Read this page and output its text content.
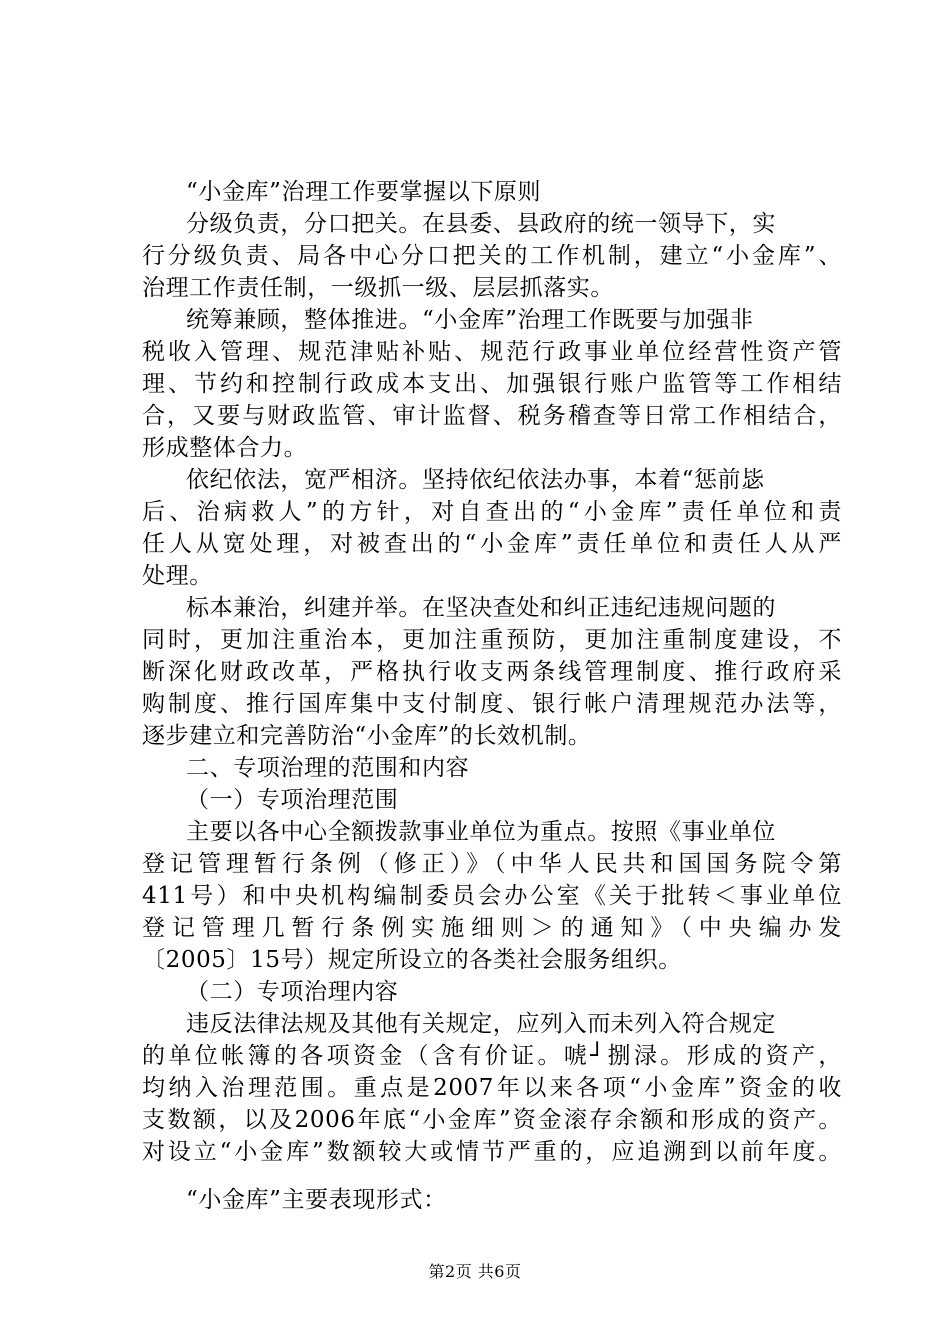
“小金库”治理工作要掌握以下原则
分级负责，分口把关。在县委、县政府的统一领导下，实
行分级负责、局各中心分口把关的工作机制，建立“小金库”、
治理工作责任制，一级抓一级、层层抓落实。
统筹兼顾，整体推进。“小金库”治理工作既要与加强非
税收入管理、规范津贴补贴、规范行政事业单位经营性资产管
理、节约和控制行政成本支出、加强银行账户监管等工作相结
合，又要与财政监管、审计监督、税务稽查等日常工作相结合，
形成整体合力。
依纪依法，宽严相济。坚持依纪依法办事，本着“惩前毖
后、治病救人”的方针，对自查出的“小金库”责任单位和责
任人从宽处理，对被查出的“小金库”责任单位和责任人从严
处理。
标本兼治，纠建并举。在坚决查处和纠正违纪违规问题的
同时，更加注重治本，更加注重预防，更加注重制度建设，不
断深化财政改革，严格执行收支两条线管理制度、推行政府采
购制度、推行国库集中支付制度、银行帐户清理规范办法等，
逐步建立和完善防治“小金库”的长效机制。
二、专项治理的范围和内容
（一）专项治理范围
主要以各中心全额拨款事业单位为重点。按照《事业单位
登记管理暂行条例（修正）》（中华人民共和国国务院令第
411号）和中央机构编制委员会办公室《关于批转＜事业单位
登记管理几暂行条例实施细则＞的通知》（中央编办发
〔2005〕15号）规定所设立的各类社会服务组织。
（二）专项治理内容
违反法律法规及其他有关规定，应列入而未列入符合规定
的单位帐簿的各项资金（含有价证。唬┘捌渌。形成的资产，
均纳入治理范围。重点是2007年以来各项“小金库”资金的收
支数额，以及2006年底“小金库”资金滚存余额和形成的资产。
对设立“小金库”数额较大或情节严重的，应追溯到以前年度。
“小金库”主要表现形式：
第2页 共6页
